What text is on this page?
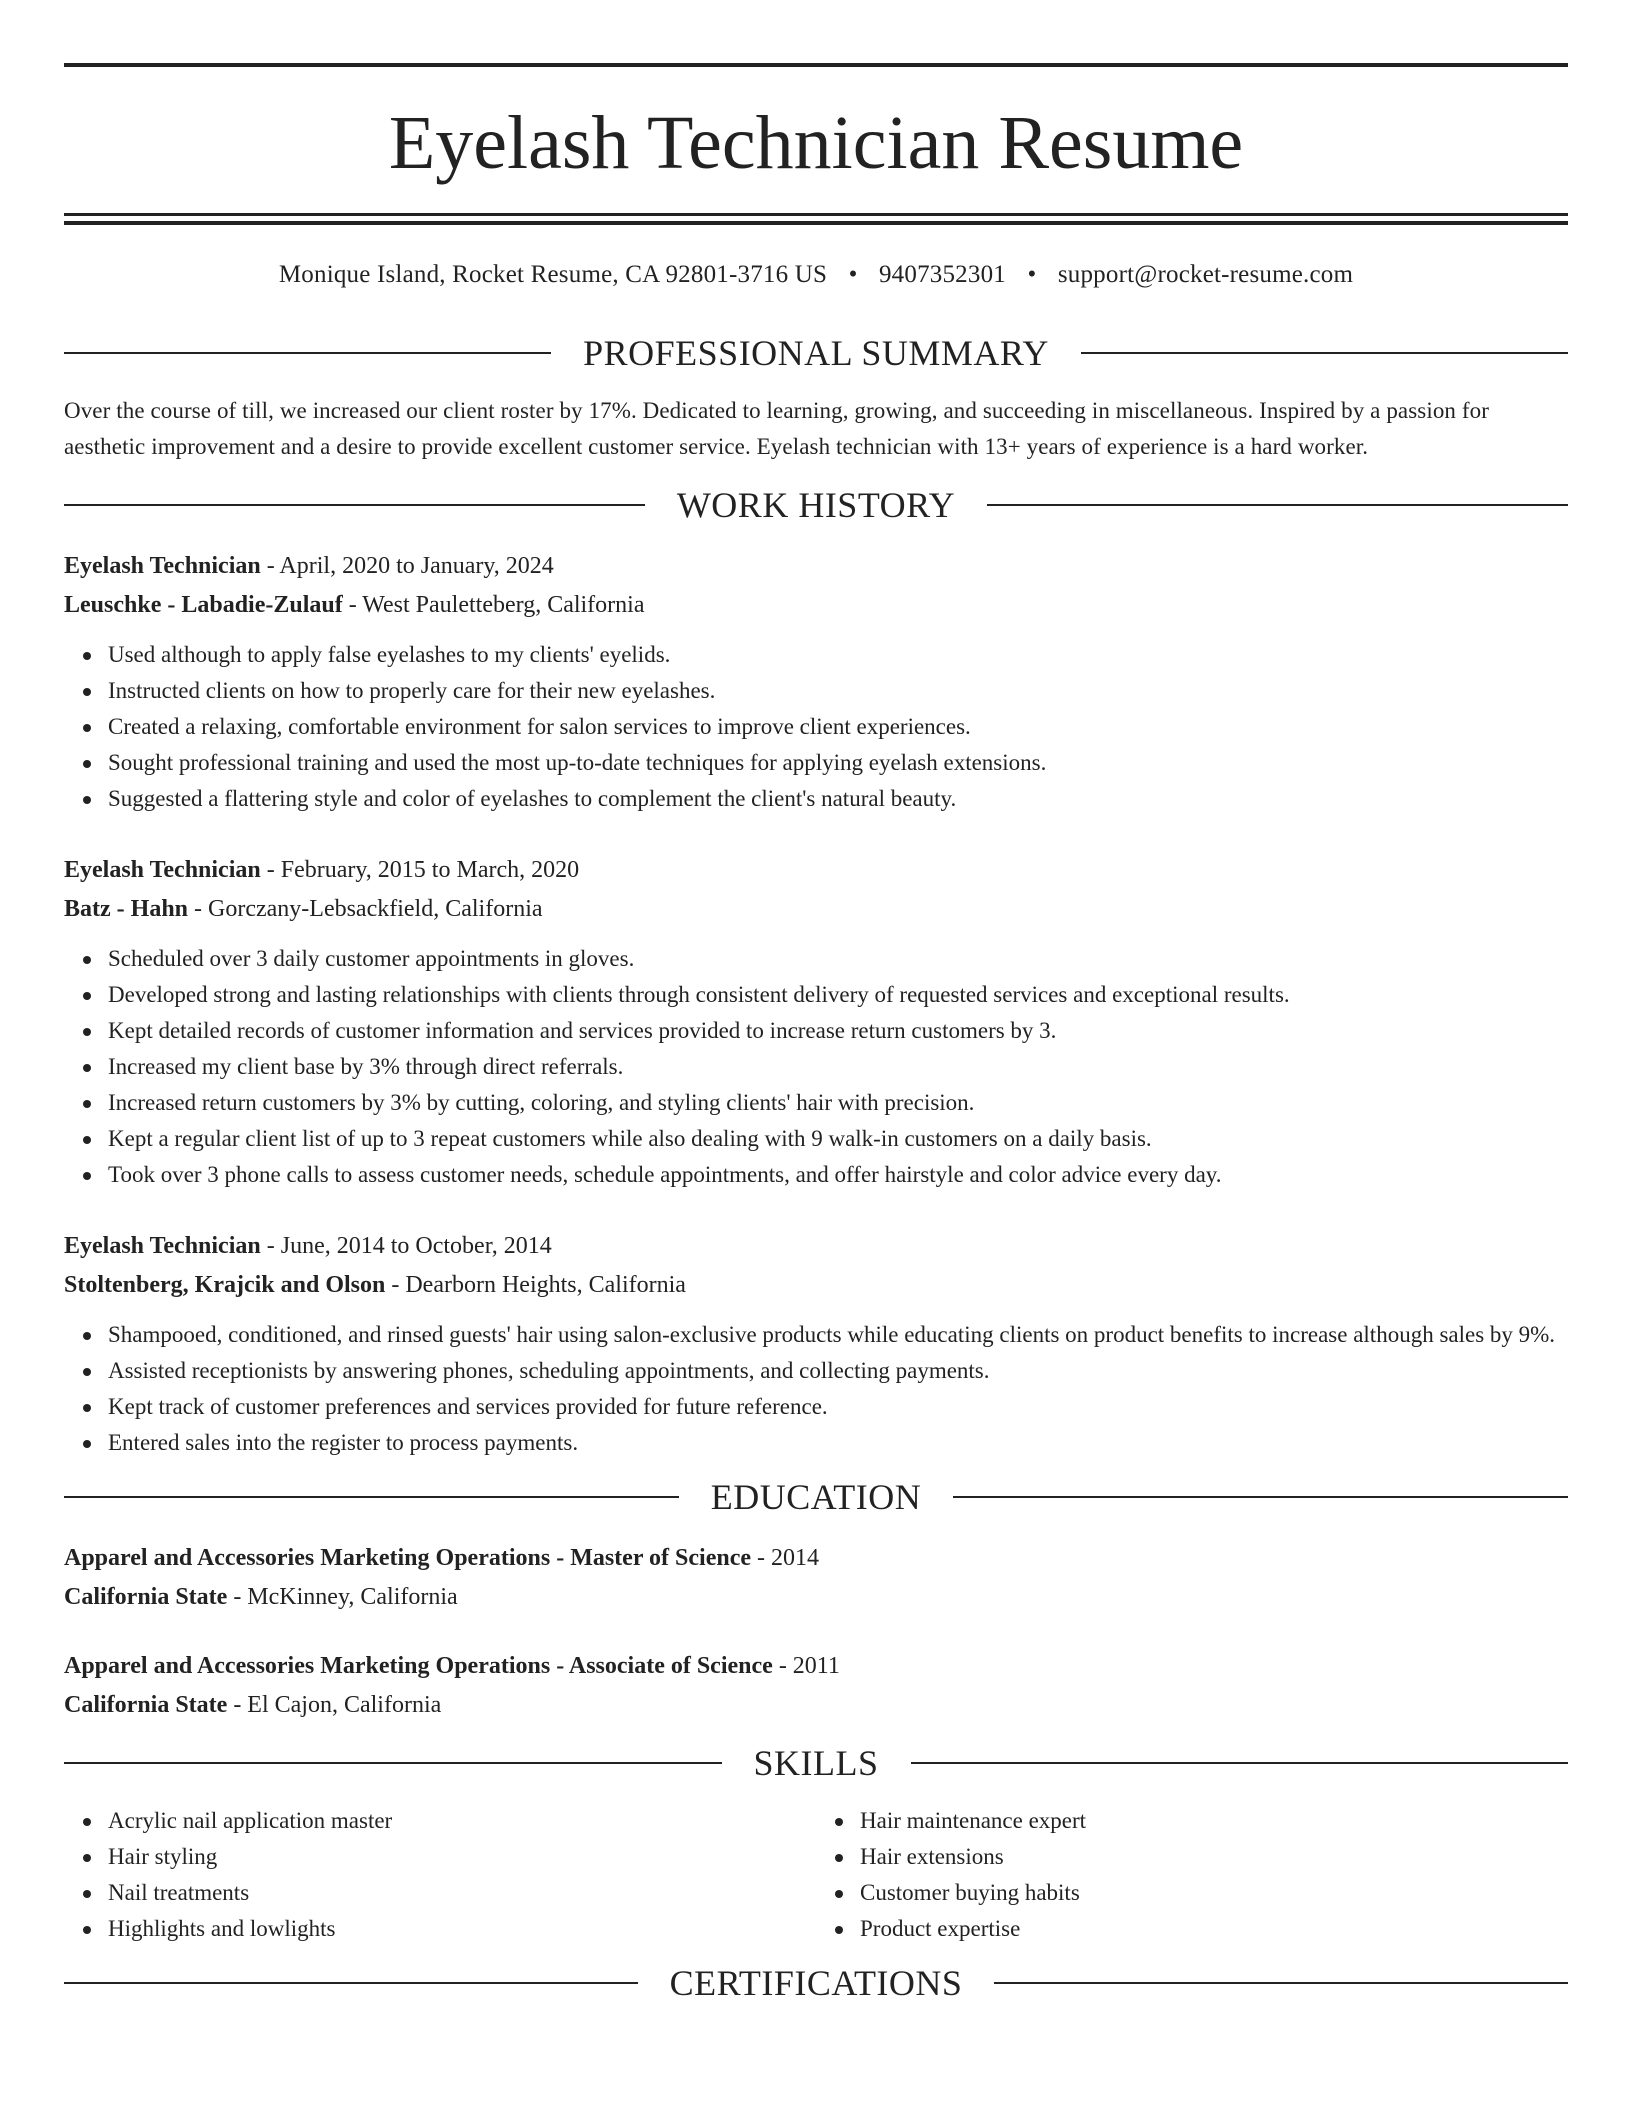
Eyelash Technician Resume
Monique Island, Rocket Resume, CA 92801-3716 US • 9407352301 • support@rocket-resume.com
PROFESSIONAL SUMMARY
Over the course of till, we increased our client roster by 17%. Dedicated to learning, growing, and succeeding in miscellaneous. Inspired by a passion for aesthetic improvement and a desire to provide excellent customer service. Eyelash technician with 13+ years of experience is a hard worker.
WORK HISTORY
Eyelash Technician - April, 2020 to January, 2024
Leuschke - Labadie-Zulauf - West Pauletteberg, California
Used although to apply false eyelashes to my clients' eyelids.
Instructed clients on how to properly care for their new eyelashes.
Created a relaxing, comfortable environment for salon services to improve client experiences.
Sought professional training and used the most up-to-date techniques for applying eyelash extensions.
Suggested a flattering style and color of eyelashes to complement the client's natural beauty.
Eyelash Technician - February, 2015 to March, 2020
Batz - Hahn - Gorczany-Lebsackfield, California
Scheduled over 3 daily customer appointments in gloves.
Developed strong and lasting relationships with clients through consistent delivery of requested services and exceptional results.
Kept detailed records of customer information and services provided to increase return customers by 3.
Increased my client base by 3% through direct referrals.
Increased return customers by 3% by cutting, coloring, and styling clients' hair with precision.
Kept a regular client list of up to 3 repeat customers while also dealing with 9 walk-in customers on a daily basis.
Took over 3 phone calls to assess customer needs, schedule appointments, and offer hairstyle and color advice every day.
Eyelash Technician - June, 2014 to October, 2014
Stoltenberg, Krajcik and Olson - Dearborn Heights, California
Shampooed, conditioned, and rinsed guests' hair using salon-exclusive products while educating clients on product benefits to increase although sales by 9%.
Assisted receptionists by answering phones, scheduling appointments, and collecting payments.
Kept track of customer preferences and services provided for future reference.
Entered sales into the register to process payments.
EDUCATION
Apparel and Accessories Marketing Operations - Master of Science - 2014
California State - McKinney, California
Apparel and Accessories Marketing Operations - Associate of Science - 2011
California State - El Cajon, California
SKILLS
Acrylic nail application master
Hair styling
Nail treatments
Highlights and lowlights
Hair maintenance expert
Hair extensions
Customer buying habits
Product expertise
CERTIFICATIONS
